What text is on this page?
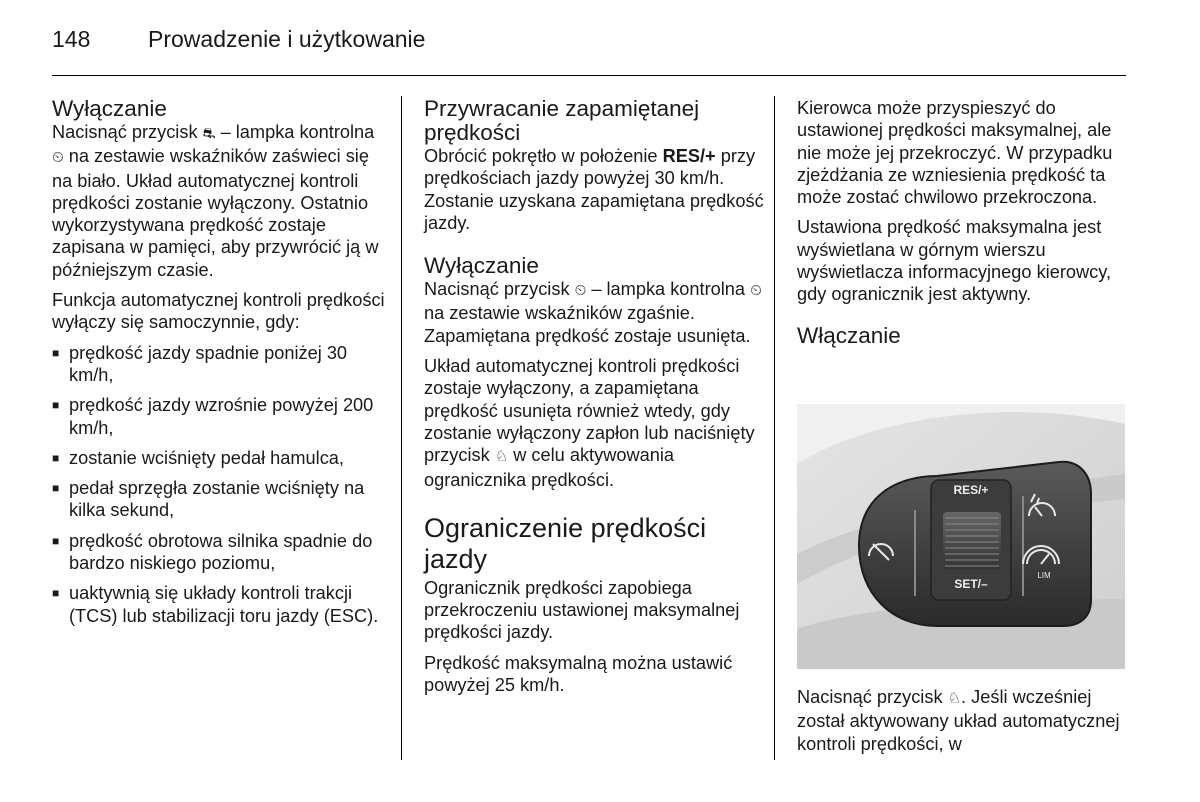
148	Prowadzenie i użytkowanie
Wyłączanie

Nacisnąć przycisk ⛐ – lampka kontrolna ⏲ na zestawie wskaźników zaświeci się na biało. Układ automatycznej kontroli prędkości zostanie wyłączony. Ostatnio wykorzystywana prędkość zostaje zapisana w pamięci, aby przywrócić ją w późniejszym czasie.

Funkcja automatycznej kontroli prędkości wyłączy się samoczynnie, gdy:

■ prędkość jazdy spadnie poniżej 30 km/h,
■ prędkość jazdy wzrośnie powyżej 200 km/h,
■ zostanie wciśnięty pedał hamulca,
■ pedał sprzęgła zostanie wciśnięty na kilka sekund,
■ prędkość obrotowa silnika spadnie do bardzo niskiego poziomu,
■ uaktywnią się układy kontroli trakcji (TCS) lub stabilizacji toru jazdy (ESC).
Przywracanie zapamiętanej prędkości

Obrócić pokrętło w położenie RES/+ przy prędkościach jazdy powyżej 30 km/h. Zostanie uzyskana zapamiętana prędkość jazdy.

Wyłączanie

Nacisnąć przycisk ⏲ – lampka kontrolna ⏲ na zestawie wskaźników zgaśnie. Zapamiętana prędkość zostaje usunięta.

Układ automatycznej kontroli prędkości zostaje wyłączony, a zapamiętana prędkość usunięta również wtedy, gdy zostanie wyłączony zapłon lub naciśnięty przycisk ♘ w celu aktywowania ogranicznika prędkości.

Ograniczenie prędkości jazdy

Ogranicznik prędkości zapobiega przekroczeniu ustawionej maksymalnej prędkości jazdy.

Prędkość maksymalną można ustawić powyżej 25 km/h.

Kierowca może przyspieszyć do ustawionej prędkości maksymalnej, ale nie może jej przekroczyć. W przypadku zjeżdżania ze wzniesienia prędkość ta może zostać chwilowo przekroczona.

Ustawiona prędkość maksymalna jest wyświetlana w górnym wierszu wyświetlacza informacyjnego kierowcy, gdy ogranicznik jest aktywny.

Włączanie
RES/+
SET/–
LIM

Nacisnąć przycisk ♘. Jeśli wcześniej został aktywowany układ automatycznej kontroli prędkości, w
